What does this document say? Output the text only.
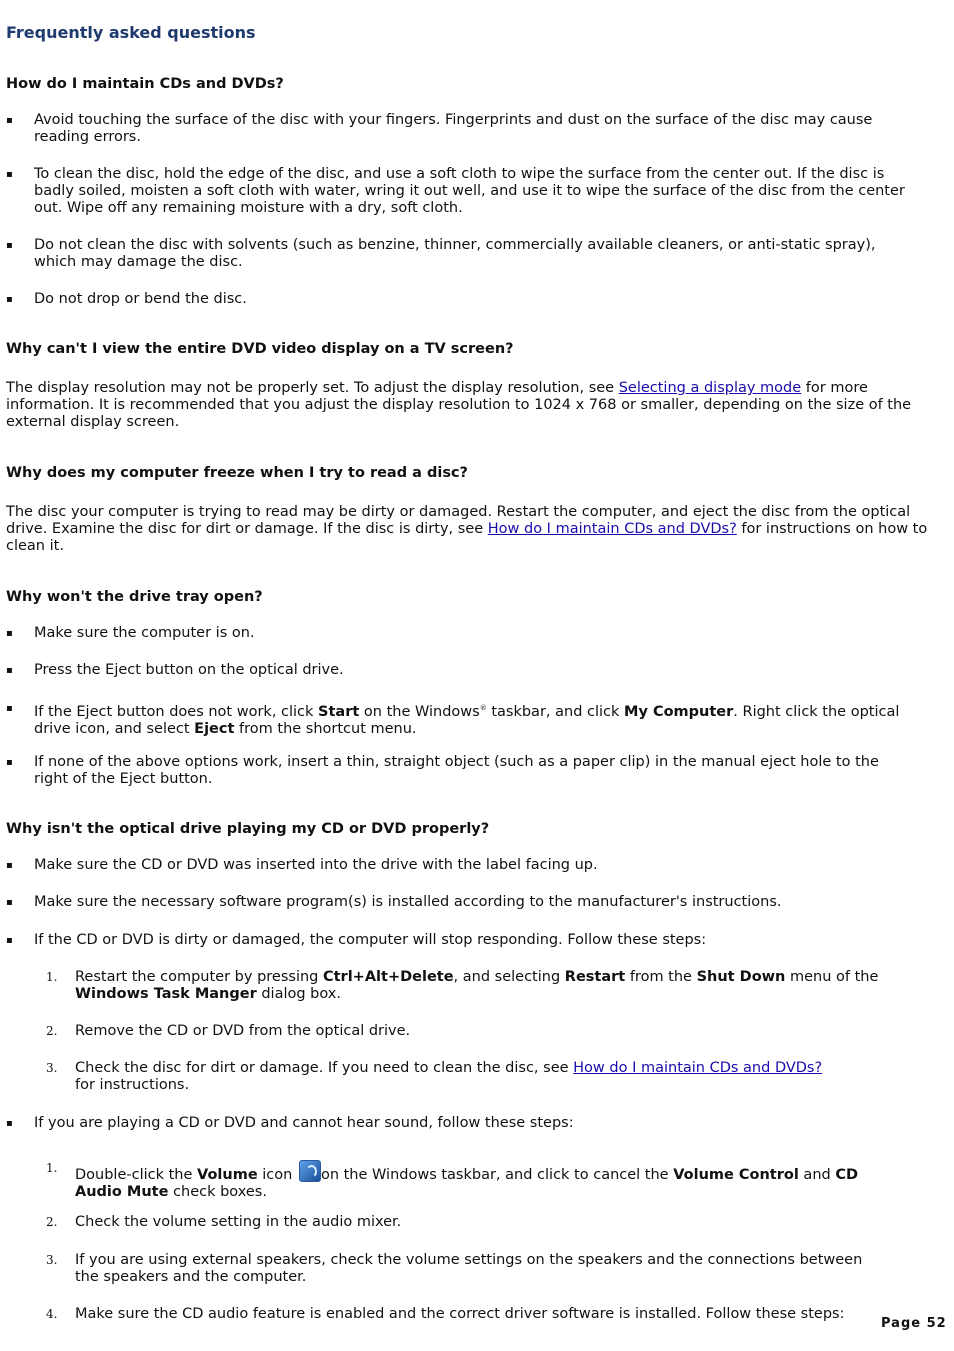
Frequently asked questions
How do I maintain CDs and DVDs?
▪ Avoid touching the surface of the disc with your fingers. Fingerprints and dust on the surface of the disc may cause reading errors.
▪ To clean the disc, hold the edge of the disc, and use a soft cloth to wipe the surface from the center out. If the disc is badly soiled, moisten a soft cloth with water, wring it out well, and use it to wipe the surface of the disc from the center out. Wipe off any remaining moisture with a dry, soft cloth.
▪ Do not clean the disc with solvents (such as benzine, thinner, commercially available cleaners, or anti-static spray), which may damage the disc.
▪ Do not drop or bend the disc.
Why can't I view the entire DVD video display on a TV screen?
The display resolution may not be properly set. To adjust the display resolution, see Selecting a display mode for more information. It is recommended that you adjust the display resolution to 1024 x 768 or smaller, depending on the size of the external display screen.
Why does my computer freeze when I try to read a disc?
The disc your computer is trying to read may be dirty or damaged. Restart the computer, and eject the disc from the optical drive. Examine the disc for dirt or damage. If the disc is dirty, see How do I maintain CDs and DVDs? for instructions on how to clean it.
Why won't the drive tray open?
▪ Make sure the computer is on.
▪ Press the Eject button on the optical drive.
▪ If the Eject button does not work, click Start on the Windows® taskbar, and click My Computer. Right click the optical drive icon, and select Eject from the shortcut menu.
▪ If none of the above options work, insert a thin, straight object (such as a paper clip) in the manual eject hole to the right of the Eject button.
Why isn't the optical drive playing my CD or DVD properly?
▪ Make sure the CD or DVD was inserted into the drive with the label facing up.
▪ Make sure the necessary software program(s) is installed according to the manufacturer's instructions.
▪ If the CD or DVD is dirty or damaged, the computer will stop responding. Follow these steps:
1. Restart the computer by pressing Ctrl+Alt+Delete, and selecting Restart from the Shut Down menu of the Windows Task Manger dialog box.
2. Remove the CD or DVD from the optical drive.
3. Check the disc for dirt or damage. If you need to clean the disc, see How do I maintain CDs and DVDs?
for instructions.
▪ If you are playing a CD or DVD and cannot hear sound, follow these steps:
1. Double-click the Volume icon on the Windows taskbar, and click to cancel the Volume Control and CD Audio Mute check boxes.
2. Check the volume setting in the audio mixer.
3. If you are using external speakers, check the volume settings on the speakers and the connections between the speakers and the computer.
4. Make sure the CD audio feature is enabled and the correct driver software is installed. Follow these steps:
Page 52
